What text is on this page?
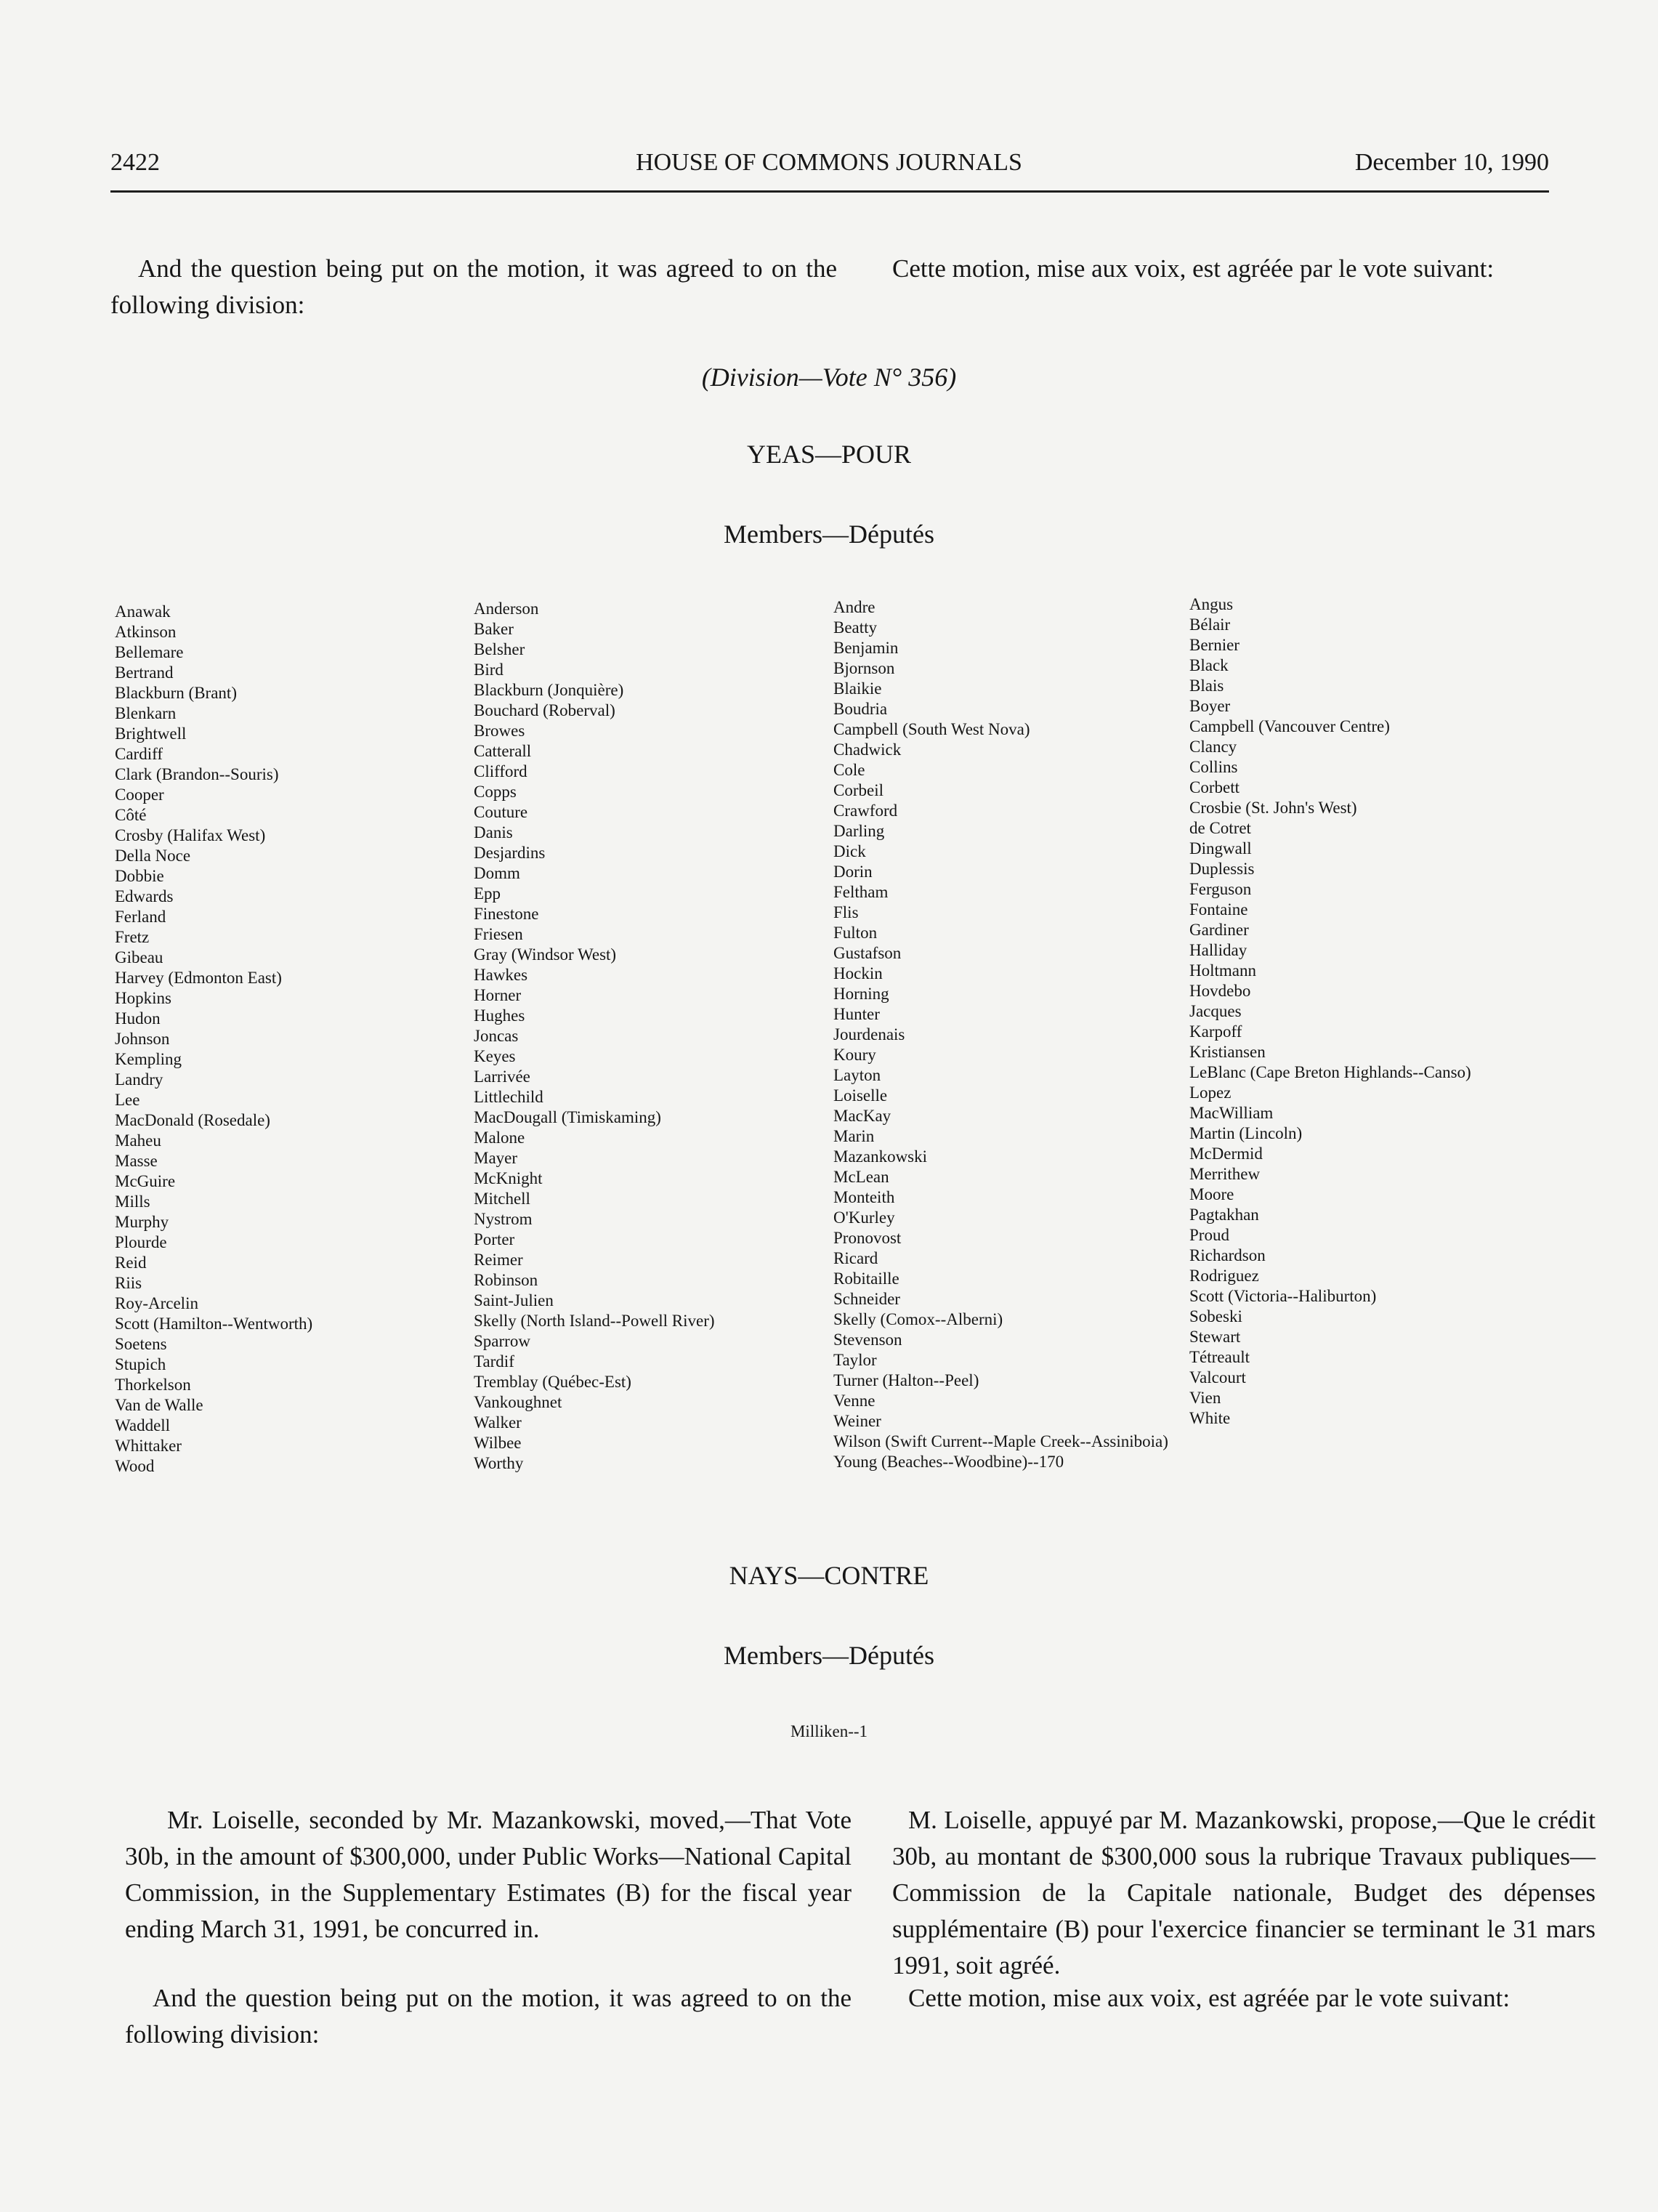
2422	HOUSE OF COMMONS JOURNALS	December 10, 1990

And the question being put on the motion, it was agreed to on the following division:

Cette motion, mise aux voix, est agréée par le vote suivant:

(Division—Vote N° 356)
YEAS—POUR
Members—Députés
Anawak
Atkinson
Bellemare
Bertrand
Blackburn (Brant)
Blenkarn
Brightwell
Cardiff
Clark (Brandon--Souris)
Cooper
Côté
Crosby (Halifax West)
Della Noce
Dobbie
Edwards
Ferland
Fretz
Gibeau
Harvey (Edmonton East)
Hopkins
Hudon
Johnson
Kempling
Landry
Lee
MacDonald (Rosedale)
Maheu
Masse
McGuire
Mills
Murphy
Plourde
Reid
Riis
Roy-Arcelin
Scott (Hamilton--Wentworth)
Soetens
Stupich
Thorkelson
Van de Walle
Waddell
Whittaker
Wood
Anderson
Baker
Belsher
Bird
Blackburn (Jonquière)
Bouchard (Roberval)
Browes
Catterall
Clifford
Copps
Couture
Danis
Desjardins
Domm
Epp
Finestone
Friesen
Gray (Windsor West)
Hawkes
Horner
Hughes
Joncas
Keyes
Larrivée
Littlechild
MacDougall (Timiskaming)
Malone
Mayer
McKnight
Mitchell
Nystrom
Porter
Reimer
Robinson
Saint-Julien
Skelly (North Island--Powell River)
Sparrow
Tardif
Tremblay (Québec-Est)
Vankoughnet
Walker
Wilbee
Worthy
Andre
Beatty
Benjamin
Bjornson
Blaikie
Boudria
Campbell (South West Nova)
Chadwick
Cole
Corbeil
Crawford
Darling
Dick
Dorin
Feltham
Flis
Fulton
Gustafson
Hockin
Horning
Hunter
Jourdenais
Koury
Layton
Loiselle
MacKay
Marin
Mazankowski
McLean
Monteith
O'Kurley
Pronovost
Ricard
Robitaille
Schneider
Skelly (Comox--Alberni)
Stevenson
Taylor
Turner (Halton--Peel)
Venne
Weiner
Wilson (Swift Current--Maple Creek--Assiniboia)
Young (Beaches--Woodbine)--170
Angus
Bélair
Bernier
Black
Blais
Boyer
Campbell (Vancouver Centre)
Clancy
Collins
Corbett
Crosbie (St. John's West)
de Cotret
Dingwall
Duplessis
Ferguson
Fontaine
Gardiner
Halliday
Holtmann
Hovdebo
Jacques
Karpoff
Kristiansen
LeBlanc (Cape Breton Highlands--Canso)
Lopez
MacWilliam
Martin (Lincoln)
McDermid
Merrithew
Moore
Pagtakhan
Proud
Richardson
Rodriguez
Scott (Victoria--Haliburton)
Sobeski
Stewart
Tétreault
Valcourt
Vien
White
NAYS—CONTRE
Members—Députés
Milliken--1

Mr. Loiselle, seconded by Mr. Mazankowski, moved,—That Vote 30b, in the amount of $300,000, under Public Works—National Capital Commission, in the Supplementary Estimates (B) for the fiscal year ending March 31, 1991, be concurred in.

M. Loiselle, appuyé par M. Mazankowski, propose,—Que le crédit 30b, au montant de $300,000 sous la rubrique Travaux publiques—Commission de la Capitale nationale, Budget des dépenses supplémentaire (B) pour l'exercice financier se terminant le 31 mars 1991, soit agréé.

And the question being put on the motion, it was agreed to on the following division:

Cette motion, mise aux voix, est agréée par le vote suivant:
